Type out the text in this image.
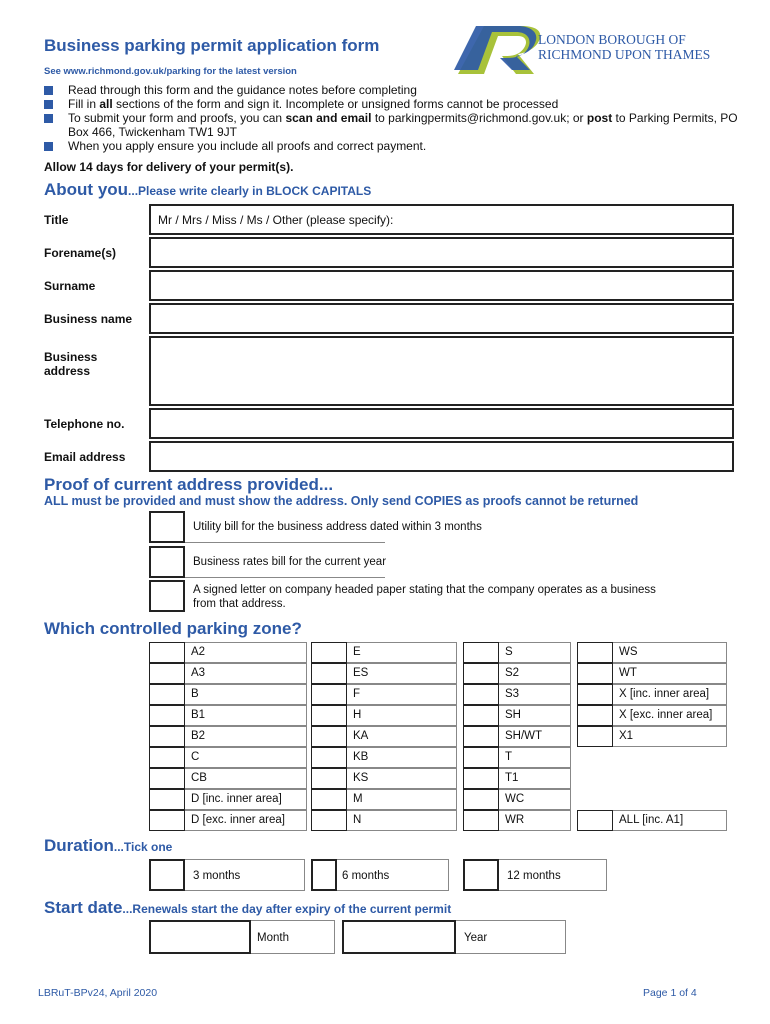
Business parking permit application form
See www.richmond.gov.uk/parking for the latest version
LONDON BOROUGH OF
RICHMOND UPON THAMES
Read through this form and the guidance notes before completing
Fill in all sections of the form and sign it. Incomplete or unsigned forms cannot be processed
To submit your form and proofs, you can scan and email to parkingpermits@richmond.gov.uk; or post to Parking Permits, PO Box 466, Twickenham TW1 9JT
When you apply ensure you include all proofs and correct payment.
Allow 14 days for delivery of your permit(s).
About you...Please write clearly in BLOCK CAPITALS
Title	Mr / Mrs / Miss / Ms / Other (please specify):
Forename(s)
Surname
Business name
Business
address
Telephone no.
Email address
Proof of current address provided...
ALL must be provided and must show the address. Only send COPIES as proofs cannot be returned
Utility bill for the business address dated within 3 months
Business rates bill for the current year
A signed letter on company headed paper stating that the company operates as a business
from that address.
Which controlled parking zone?
A2
A3
B
B1
B2
C
CB
D [inc. inner area]
D [exc. inner area]
E
ES
F
H
KA
KB
KS
M
N
S
S2
S3
SH
SH/WT
T
T1
WC
WR
WS
WT
X [inc. inner area]
X [exc. inner area]
X1
ALL [inc. A1]
Duration...Tick one
3 months	6 months	12 months
Start date...Renewals start the day after expiry of the current permit
Month	Year
LBRuT-BPv24, April 2020	Page 1 of 4
